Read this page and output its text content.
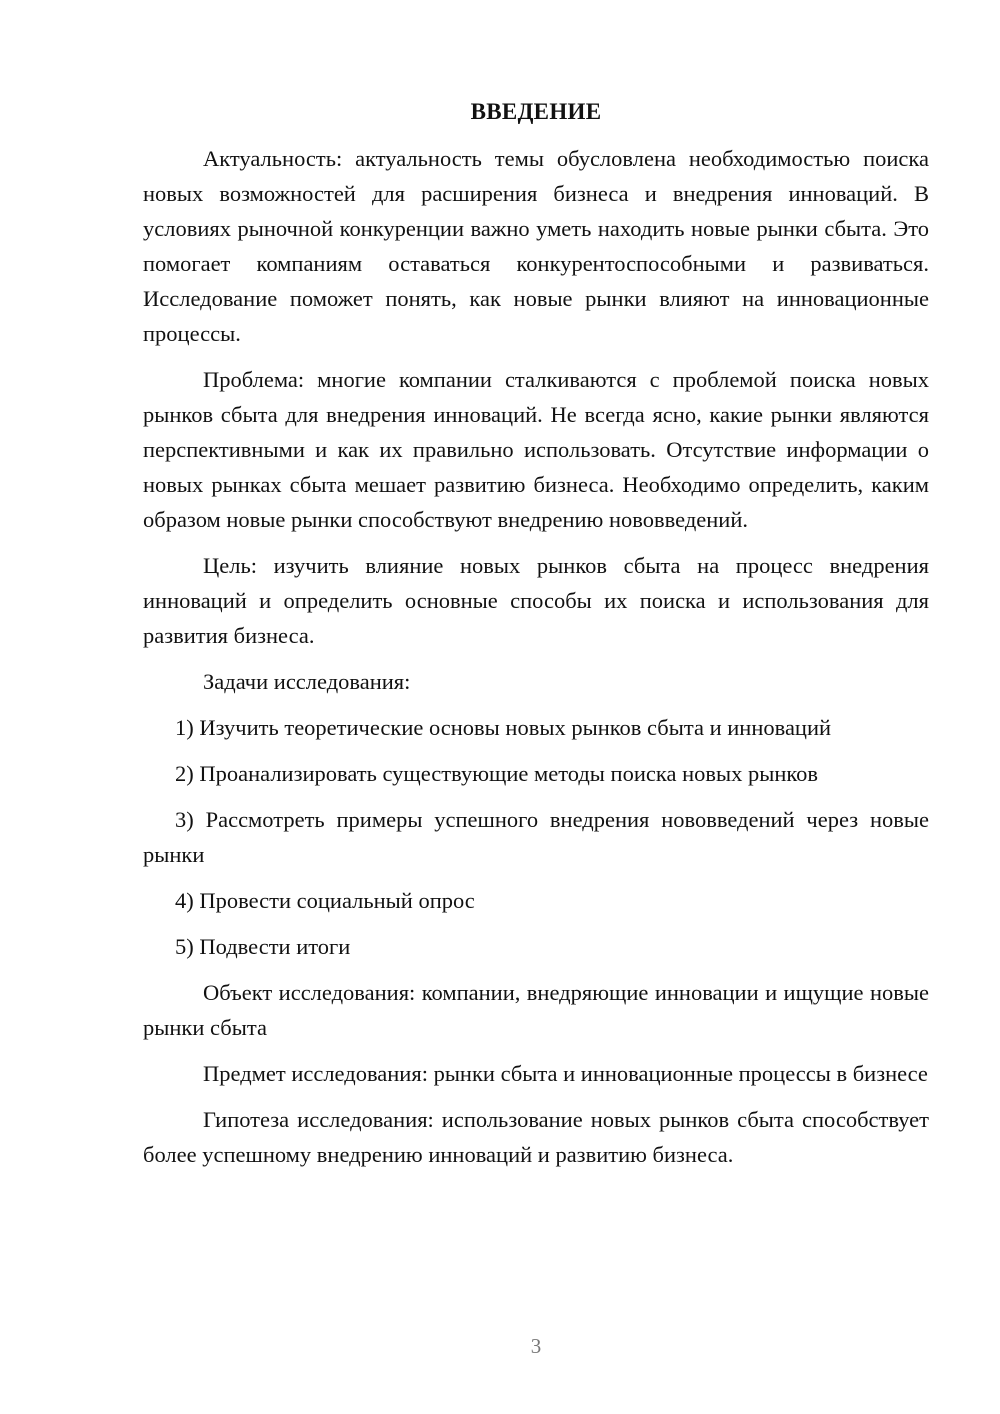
ВВЕДЕНИЕ

Актуальность: актуальность темы обусловлена необходимостью поиска новых возможностей для расширения бизнеса и внедрения инноваций. В условиях рыночной конкуренции важно уметь находить новые рынки сбыта. Это помогает компаниям оставаться конкурентоспособными и развиваться. Исследование поможет понять, как новые рынки влияют на инновационные процессы.

Проблема: многие компании сталкиваются с проблемой поиска новых рынков сбыта для внедрения инноваций. Не всегда ясно, какие рынки являются перспективными и как их правильно использовать. Отсутствие информации о новых рынках сбыта мешает развитию бизнеса. Необходимо определить, каким образом новые рынки способствуют внедрению нововведений.

Цель: изучить влияние новых рынков сбыта на процесс внедрения инноваций и определить основные способы их поиска и использования для развития бизнеса.

Задачи исследования:

1) Изучить теоретические основы новых рынков сбыта и инноваций

2) Проанализировать существующие методы поиска новых рынков

3) Рассмотреть примеры успешного внедрения нововведений через новые рынки

4) Провести социальный опрос

5) Подвести итоги

Объект исследования: компании, внедряющие инновации и ищущие новые рынки сбыта

Предмет исследования: рынки сбыта и инновационные процессы в бизнесе

Гипотеза исследования: использование новых рынков сбыта способствует более успешному внедрению инноваций и развитию бизнеса.

3
